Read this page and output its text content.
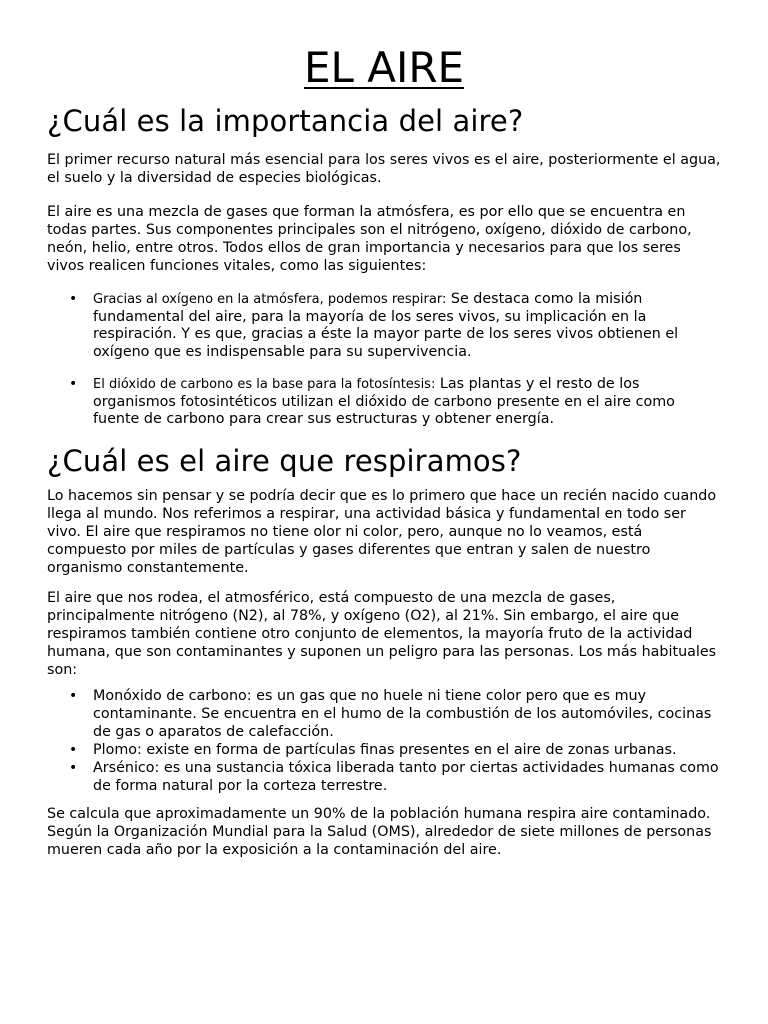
EL AIRE
¿Cuál es la importancia del aire?

El primer recurso natural más esencial para los seres vivos es el aire, posteriormente el agua, el suelo y la diversidad de especies biológicas.

El aire es una mezcla de gases que forman la atmósfera, es por ello que se encuentra en todas partes. Sus componentes principales son el nitrógeno, oxígeno, dióxido de carbono, neón, helio, entre otros. Todos ellos de gran importancia y necesarios para que los seres vivos realicen funciones vitales, como las siguientes:

• Gracias al oxígeno en la atmósfera, podemos respirar: Se destaca como la misión fundamental del aire, para la mayoría de los seres vivos, su implicación en la respiración. Y es que, gracias a éste la mayor parte de los seres vivos obtienen el oxígeno que es indispensable para su supervivencia.
• El dióxido de carbono es la base para la fotosíntesis: Las plantas y el resto de los organismos fotosintéticos utilizan el dióxido de carbono presente en el aire como fuente de carbono para crear sus estructuras y obtener energía.
¿Cuál es el aire que respiramos?

Lo hacemos sin pensar y se podría decir que es lo primero que hace un recién nacido cuando llega al mundo. Nos referimos a respirar, una actividad básica y fundamental en todo ser vivo. El aire que respiramos no tiene olor ni color, pero, aunque no lo veamos, está compuesto por miles de partículas y gases diferentes que entran y salen de nuestro organismo constantemente.

El aire que nos rodea, el atmosférico, está compuesto de una mezcla de gases, principalmente nitrógeno (N2), al 78%, y oxígeno (O2), al 21%. Sin embargo, el aire que respiramos también contiene otro conjunto de elementos, la mayoría fruto de la actividad humana, que son contaminantes y suponen un peligro para las personas. Los más habituales son:

• Monóxido de carbono: es un gas que no huele ni tiene color pero que es muy contaminante. Se encuentra en el humo de la combustión de los automóviles, cocinas de gas o aparatos de calefacción.
• Plomo: existe en forma de partículas finas presentes en el aire de zonas urbanas.
• Arsénico: es una sustancia tóxica liberada tanto por ciertas actividades humanas como de forma natural por la corteza terrestre.

Se calcula que aproximadamente un 90% de la población humana respira aire contaminado. Según la Organización Mundial para la Salud (OMS), alrededor de siete millones de personas mueren cada año por la exposición a la contaminación del aire.
